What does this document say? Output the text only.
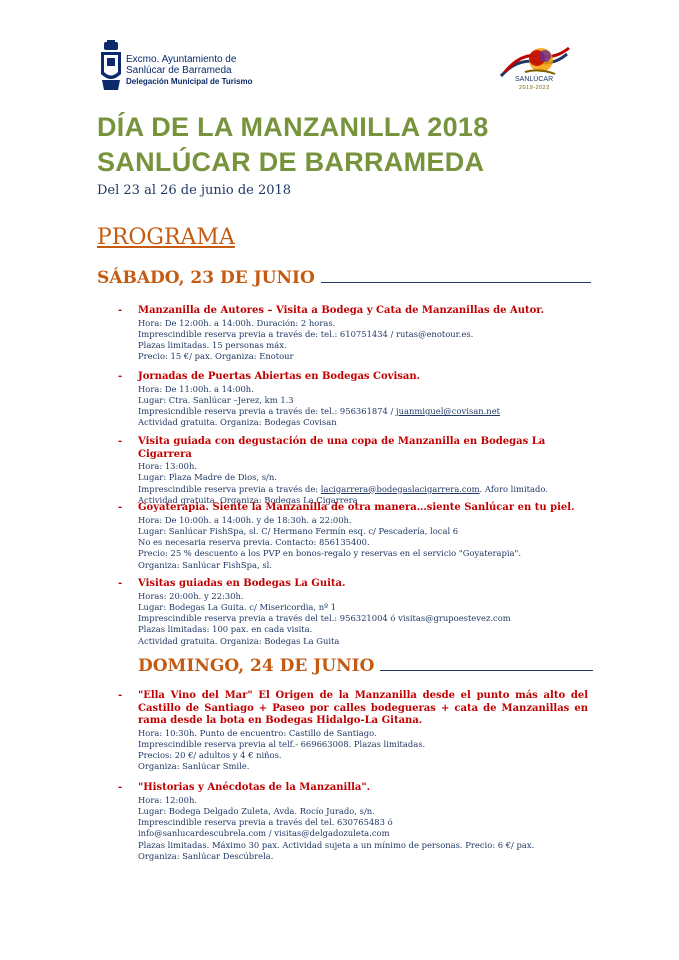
Excmo. Ayuntamiento de
Sanlúcar de Barrameda
Delegación Municipal de Turismo	SANLÚCAR
2019-2022
DÍA DE LA MANZANILLA 2018
SANLÚCAR DE BARRAMEDA
Del 23 al 26 de junio de 2018
PROGRAMA
SÁBADO, 23 DE JUNIO
- Manzanilla de Autores – Visita a Bodega y Cata de Manzanillas de Autor.
Hora: De 12:00h. a 14:00h. Duración: 2 horas.
Imprescindible reserva previa a través de: tel.: 610751434 / rutas@enotour.es.
Plazas limitadas. 15 personas máx.
Precio: 15 €/ pax. Organiza: Enotour
- Jornadas de Puertas Abiertas en Bodegas Covisan.
Hora: De 11:00h. a 14:00h.
Lugar: Ctra. Sanlúcar –Jerez, km 1.3
Impresicndible reserva previa a través de: tel.: 956361874 / juanmiguel@covisan.net
Actividad gratuita. Organiza: Bodegas Covisan
- Visita guiada con degustación de una copa de Manzanilla en Bodegas La Cigarrera
Hora: 13:00h.
Lugar: Plaza Madre de Dios, s/n.
Imprescindible reserva previa a través de: lacigarrera@bodegaslacigarrera.com. Aforo limitado.
Actividad gratuita. Organiza: Bodegas La Cigarrera
- Goyaterapia. Siente la Manzanilla de otra manera…siente Sanlúcar en tu piel.
Hora: De 10:00h. a 14:00h. y de 18:30h. a 22:00h.
Lugar: Sanlúcar FishSpa, sl. C/ Hermano Fermín esq. c/ Pescadería, local 6
No es necesaria reserva previa. Contacto: 856135400.
Precio: 25 % descuento a los PVP en bonos-regalo y reservas en el servicio "Goyaterapia".
Organiza: Sanlúcar FishSpa, sl.
- Visitas guiadas en Bodegas La Guita.
Horas: 20:00h. y 22:30h.
Lugar: Bodegas La Guita. c/ Misericordia, nº 1
Imprescindible reserva previa a través del tel.: 956321004 ó visitas@grupoestevez.com
Plazas limitadas: 100 pax. en cada visita.
Actividad gratuita. Organiza: Bodegas La Guita
DOMINGO, 24 DE JUNIO
- "Ella Vino del Mar" El Origen de la Manzanilla desde el punto más alto del Castillo de Santiago + Paseo por calles bodegueras + cata de Manzanillas en rama desde la bota en Bodegas Hidalgo-La Gitana.
Hora: 10:30h. Punto de encuentro: Castillo de Santiago.
Imprescindible reserva previa al telf.- 669663008. Plazas limitadas.
Precios: 20 €/ adultos y 4 € niños.
Organiza: Sanlúcar Smile.
- "Historias y Anécdotas de la Manzanilla".
Hora: 12:00h.
Lugar: Bodega Delgado Zuleta, Avda. Rocío Jurado, s/n.
Imprescindible reserva previa a través del tel. 630765483 ó
info@sanlucardescubrela.com / visitas@delgadozuleta.com
Plazas limitadas. Máximo 30 pax. Actividad sujeta a un mínimo de personas. Precio: 6 €/ pax.
Organiza: Sanlúcar Descúbrela.
